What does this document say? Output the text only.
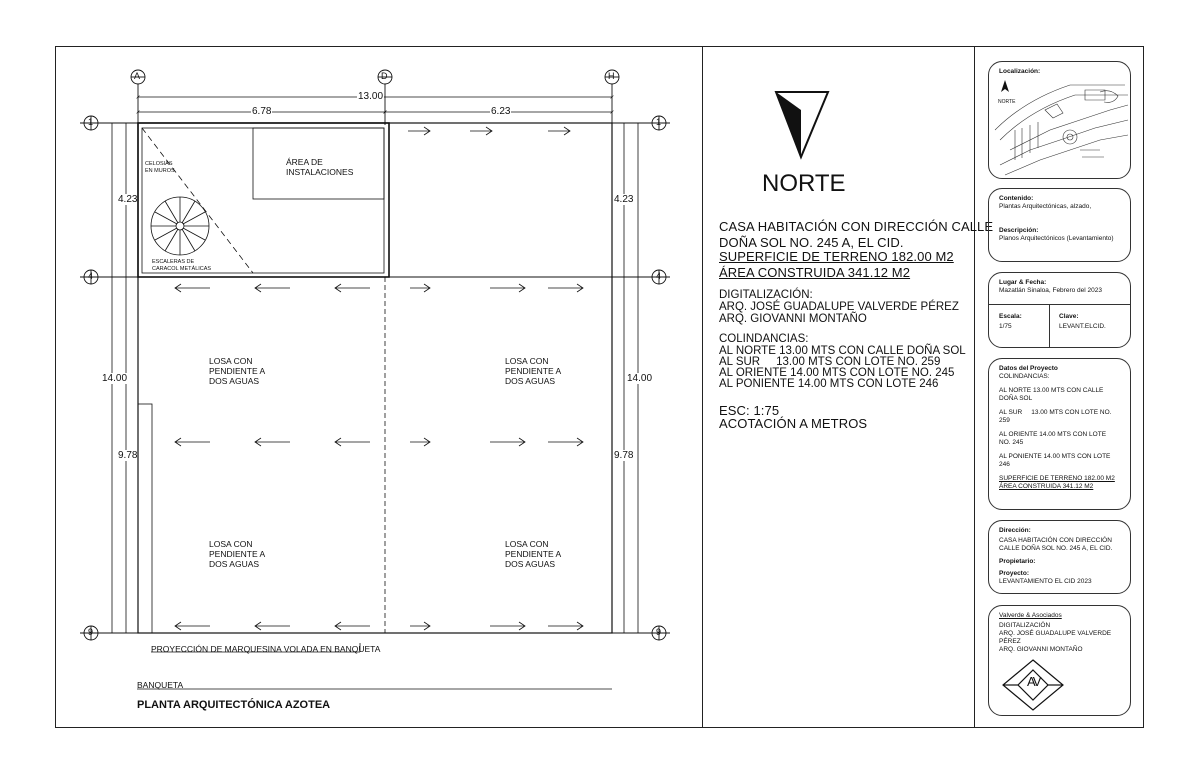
A	D	H
1
4
9
1
4
9
13.00
6.78	6.23
4.23
14.00
9.78
4.23
14.00
9.78
ÁREA DE
INSTALACIONES
CELOSIAS
EN MUROS
ESCALERAS DE
CARACOL METÁLICAS
LOSA CON
PENDIENTE A
DOS AGUAS
LOSA CON
PENDIENTE A
DOS AGUAS
LOSA CON
PENDIENTE A
DOS AGUAS
LOSA CON
PENDIENTE A
DOS AGUAS
PROYECCIÓN DE MARQUESINA VOLADA EN BANQUETA
BANQUETA
PLANTA ARQUITECTÓNICA AZOTEA
NORTE
CASA HABITACIÓN CON DIRECCIÓN CALLE
DOÑA SOL NO. 245 A, EL CID.
SUPERFICIE DE TERRENO 182.00 M2
ÁREA CONSTRUIDA 341.12 M2
DIGITALIZACIÓN:
ARQ. JOSÉ GUADALUPE VALVERDE PÉREZ
ARQ. GIOVANNI MONTAÑO
COLINDANCIAS:
AL NORTE 13.00 MTS CON CALLE DOÑA SOL
AL SUR     13.00 MTS CON LOTE NO. 259
AL ORIENTE 14.00 MTS CON LOTE NO. 245
AL PONIENTE 14.00 MTS CON LOTE 246
ESC: 1:75
ACOTACIÓN A METROS
Localización:
NORTE
Contenido:
Plantas Arquitectónicas, alzado,
Descripción:
Planos Arquitectónicos (Levantamiento)
Lugar & Fecha:
Mazatlán Sinaloa, Febrero del 2023
Escala:
1/75
Clave:
LEVANT.ELCID.
Datos del Proyecto
COLINDANCIAS:
AL NORTE 13.00 MTS CON CALLE
DOÑA SOL
AL SUR     13.00 MTS CON LOTE NO.
259
AL ORIENTE 14.00 MTS CON LOTE
NO. 245
AL PONIENTE 14.00 MTS CON LOTE
246
SUPERFICIE DE TERRENO 182.00 M2
ÁREA CONSTRUIDA 341.12 M2
Dirección:
CASA HABITACIÓN CON DIRECCIÓN
CALLE DOÑA SOL NO. 245 A, EL CID.
Propietario:
Proyecto:
LEVANTAMIENTO EL CID 2023
Valverde & Asociados
DIGITALIZACIÓN
ARQ. JOSÉ GUADALUPE VALVERDE
PÉREZ
ARQ. GIOVANNI MONTAÑO
AV
